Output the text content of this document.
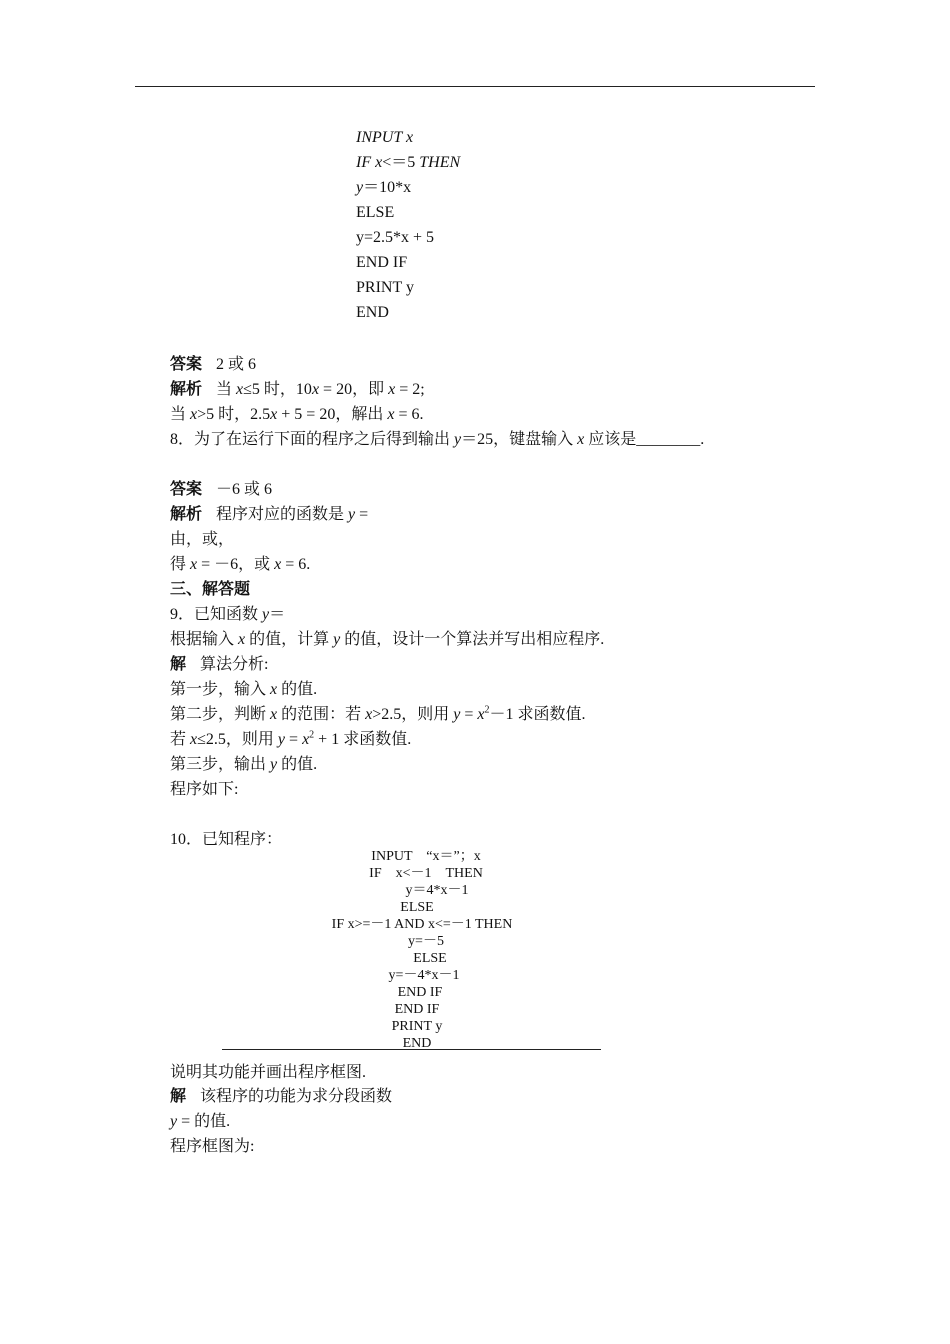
INPUT x
IF x<＝5 THEN
y＝10*x
ELSE
y=2.5*x + 5
END IF
PRINT y
END
答案 2 或 6
解析 当 x≤5 时，10x = 20，即 x = 2;
当 x>5 时，2.5x + 5 = 20，解出 x = 6.
8．为了在运行下面的程序之后得到输出 y＝25，键盘输入 x 应该是________.
答案 －6 或 6
解析 程序对应的函数是 y =
由，或，
得 x = －6，或 x = 6.
三、解答题
9．已知函数 y＝
根据输入 x 的值，计算 y 的值，设计一个算法并写出相应程序.
解 算法分析:
第一步，输入 x 的值.
第二步，判断 x 的范围：若 x>2.5，则用 $y = x^2-1$ 求函数值.
若 x≤2.5，则用 $y = x^2 + 1$ 求函数值.
第三步，输出 y 的值.
程序如下:
10．已知程序：
INPUT　“x＝”；x
IF　x<－1　THEN
y＝4*x－1
ELSE
IF x>=－1 AND x<=－1 THEN
y=－5
ELSE
y=－4*x－1
END IF
END IF
PRINT y
END
说明其功能并画出程序框图.
解 该程序的功能为求分段函数
y = 的值.
程序框图为:
